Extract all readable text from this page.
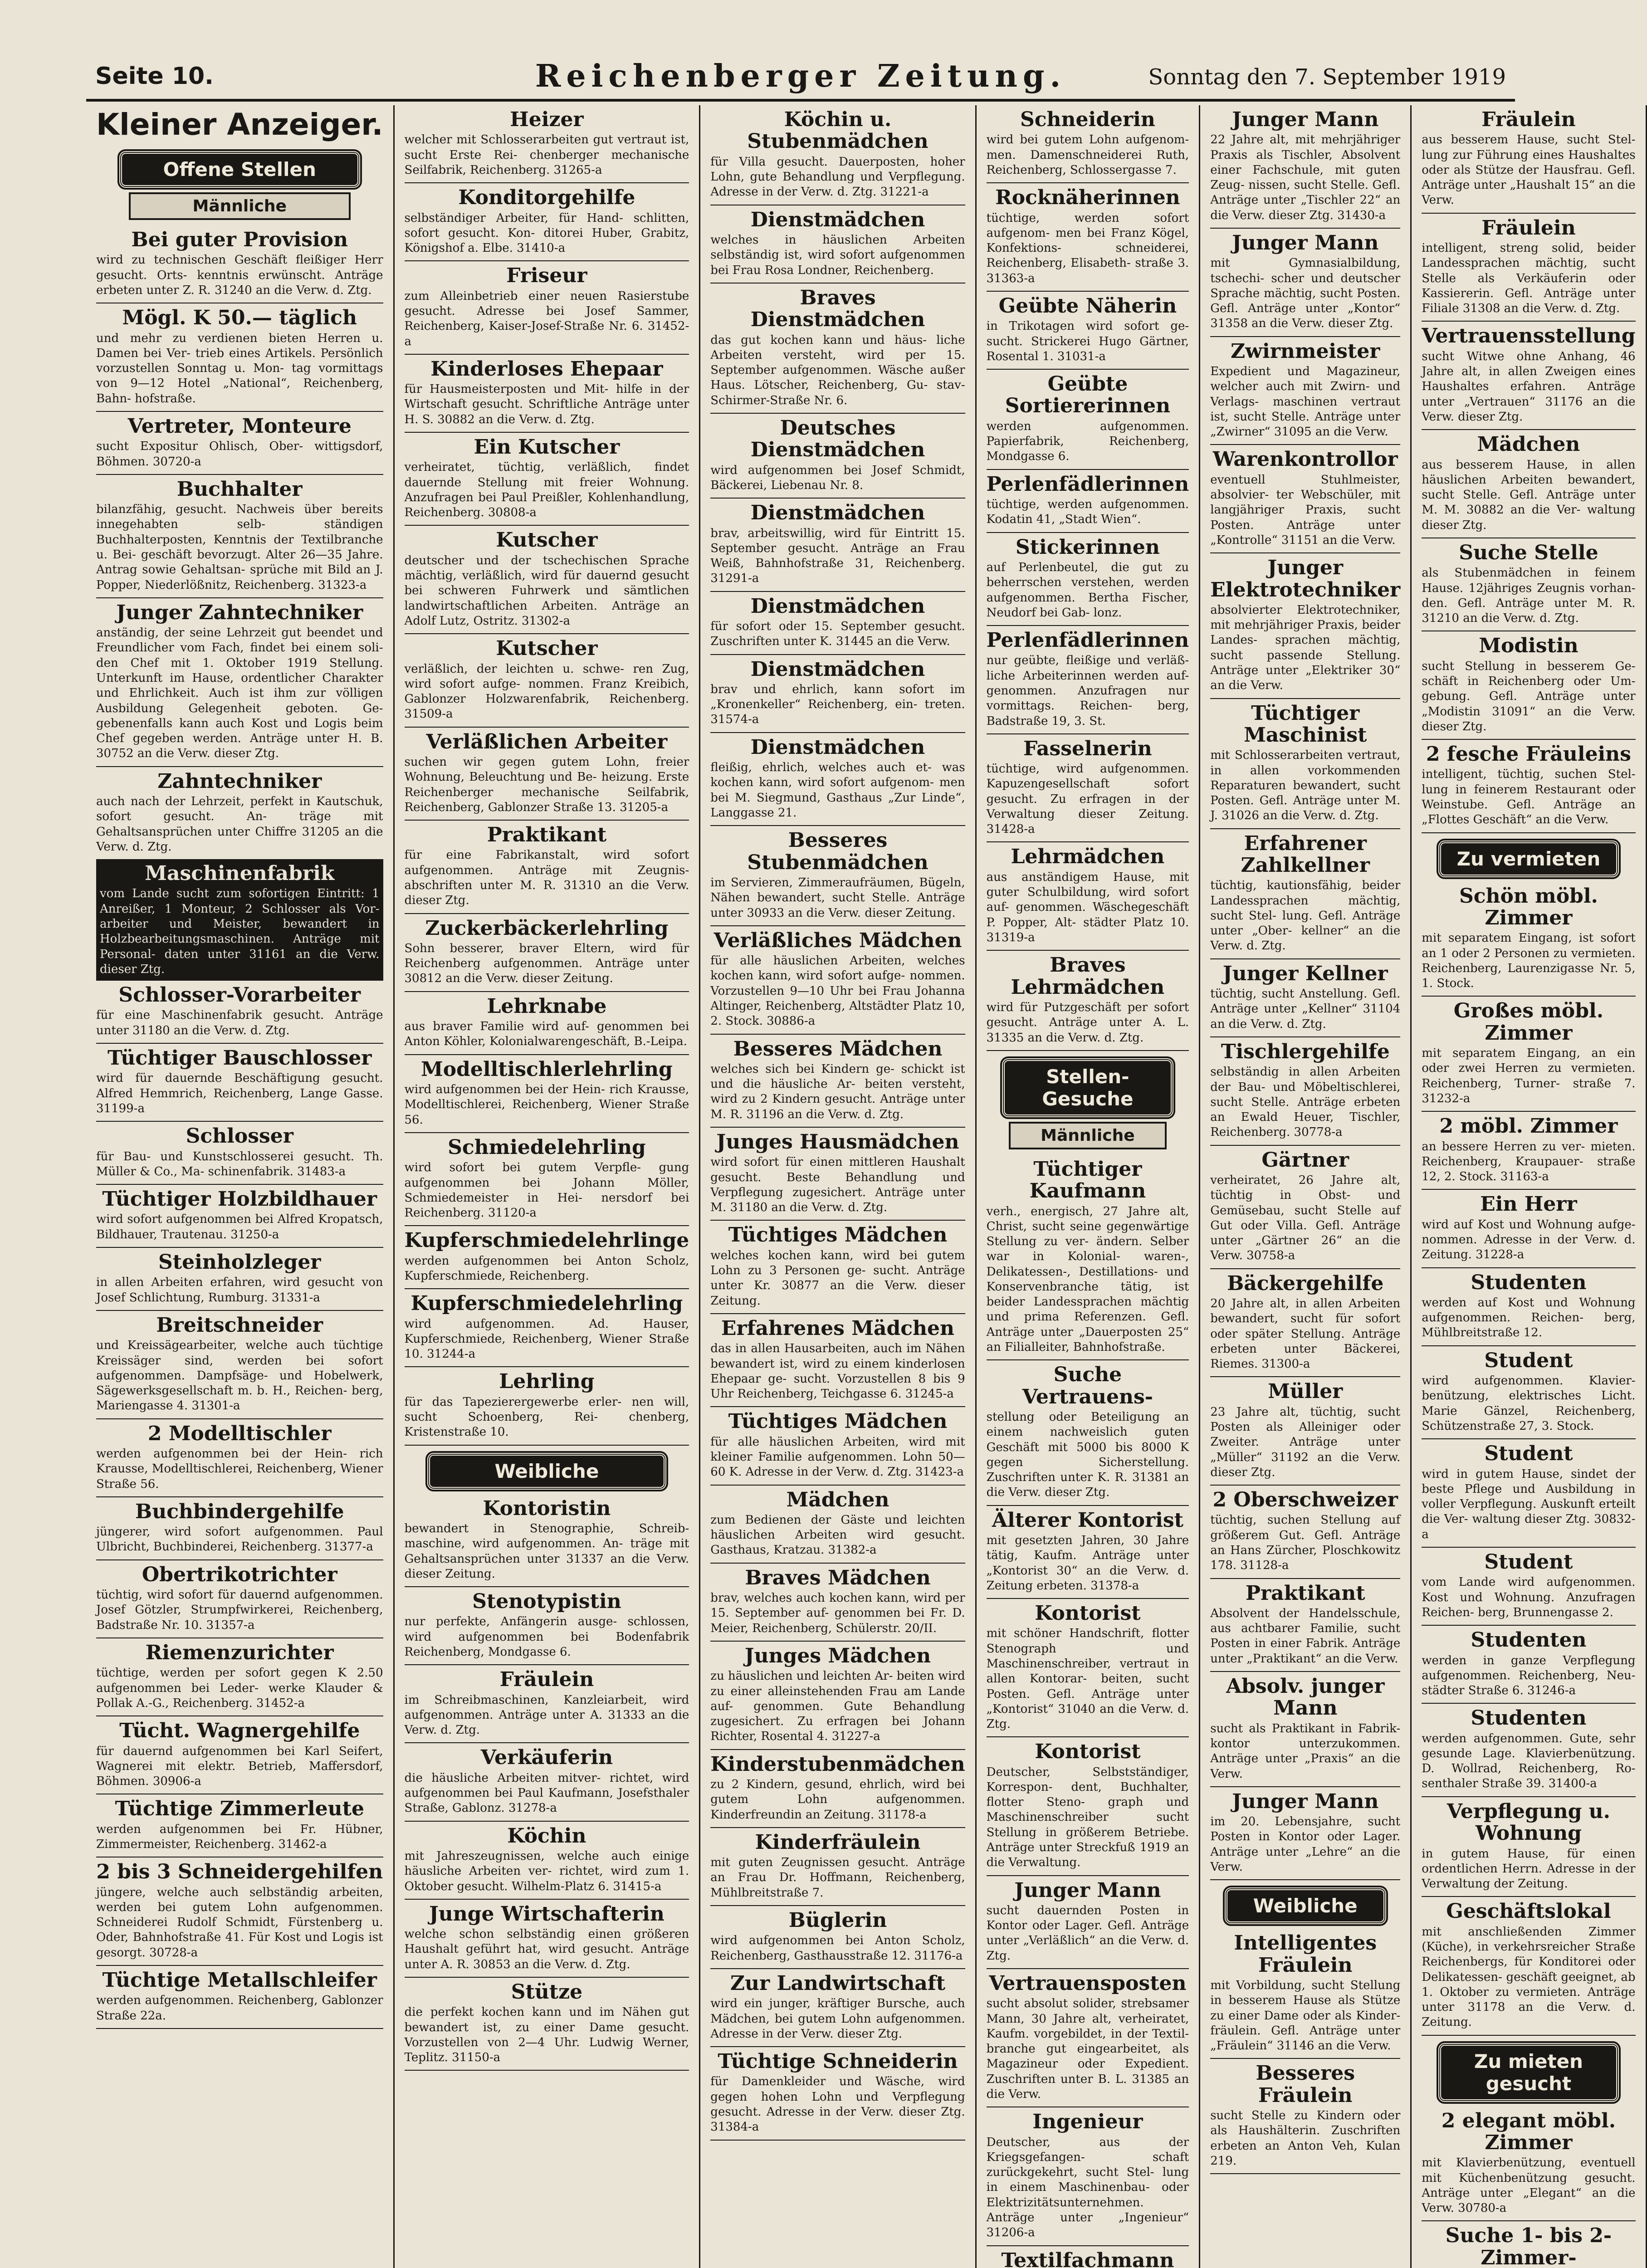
Seite 10.	Reichenberger Zeitung.	Sonntag den 7. September 1919
Kleiner Anzeiger.
Offene Stellen
Männliche
Bei guter Provision

wird zu technischen Geschäft fleißiger Herr gesucht. Orts- kenntnis erwünscht. Anträge erbeten unter Z. R. 31240 an die Verw. d. Ztg.

Mögl. K 50.— täglich

und mehr zu verdienen bieten Herren u. Damen bei Ver- trieb eines Artikels. Persönlich vorzustellen Sonntag u. Mon- tag vormittags von 9—12 Hotel „National“, Reichenberg, Bahn- hofstraße.

Vertreter, Monteure

sucht Expositur Ohlisch, Ober- wittigsdorf, Böhmen. 30720-a

Buchhalter

bilanzfähig, gesucht. Nachweis über bereits innegehabten selb- ständigen Buchhalterposten, Kenntnis der Textilbranche u. Bei- geschäft bevorzugt. Alter 26—35 Jahre. Antrag sowie Gehaltsan- sprüche mit Bild an J. Popper, Niederlößnitz, Reichenberg. 31323-a

Junger Zahntechniker

anständig, der seine Lehrzeit gut beendet und Freundlicher vom Fach, findet bei einem soli- den Chef mit 1. Oktober 1919 Stellung. Unterkunft im Hause, ordentlicher Charakter und Ehrlichkeit. Auch ist ihm zur völligen Ausbildung Gelegenheit geboten. Ge- gebenenfalls kann auch Kost und Logis beim Chef gegeben werden. Anträge unter H. B. 30752 an die Verw. dieser Ztg.

Zahntechniker

auch nach der Lehrzeit, perfekt in Kautschuk, sofort gesucht. An- träge mit Gehaltsansprüchen unter Chiffre 31205 an die Verw. d. Ztg.

Maschinenfabrik

vom Lande sucht zum sofortigen Eintritt: 1 Anreißer, 1 Monteur, 2 Schlosser als Vor- arbeiter und Meister, bewandert in Holzbearbeitungsmaschinen. Anträge mit Personal- daten unter 31161 an die Verw. dieser Ztg.

Schlosser-Vorarbeiter

für eine Maschinenfabrik gesucht. Anträge unter 31180 an die Verw. d. Ztg.

Tüchtiger Bauschlosser

wird für dauernde Beschäftigung gesucht. Alfred Hemmrich, Reichenberg, Lange Gasse. 31199-a

Schlosser

für Bau- und Kunstschlosserei gesucht. Th. Müller & Co., Ma- schinenfabrik. 31483-a

Tüchtiger Holzbildhauer

wird sofort aufgenommen bei Alfred Kropatsch, Bildhauer, Trautenau. 31250-a

Steinholzleger

in allen Arbeiten erfahren, wird gesucht von Josef Schlichtung, Rumburg. 31331-a

Breitschneider

und Kreissägearbeiter, welche auch tüchtige Kreissäger sind, werden bei sofort aufgenommen. Dampfsäge- und Hobelwerk, Sägewerksgesellschaft m. b. H., Reichen- berg, Mariengasse 4. 31301-a

2 Modelltischler

werden aufgenommen bei der Hein- rich Krausse, Modelltischlerei, Reichenberg, Wiener Straße 56.

Buchbindergehilfe

jüngerer, wird sofort aufgenommen. Paul Ulbricht, Buchbinderei, Reichenberg. 31377-a

Obertrikotrichter

tüchtig, wird sofort für dauernd aufgenommen. Josef Götzler, Strumpfwirkerei, Reichenberg, Badstraße Nr. 10. 31357-a

Riemenzurichter

tüchtige, werden per sofort gegen K 2.50 aufgenommen bei Leder- werke Klauder & Pollak A.-G., Reichenberg. 31452-a

Tücht. Wagnergehilfe

für dauernd aufgenommen bei Karl Seifert, Wagnerei mit elektr. Betrieb, Maffersdorf, Böhmen. 30906-a

Tüchtige Zimmerleute

werden aufgenommen bei Fr. Hübner, Zimmermeister, Reichenberg. 31462-a

2 bis 3 Schneidergehilfen

jüngere, welche auch selbständig arbeiten, werden bei gutem Lohn aufgenommen. Schneiderei Rudolf Schmidt, Fürstenberg u. Oder, Bahnhofstraße 41. Für Kost und Logis ist gesorgt. 30728-a

Tüchtige Metallschleifer

werden aufgenommen. Reichenberg, Gablonzer Straße 22a.

Heizer

welcher mit Schlosserarbeiten gut vertraut ist, sucht Erste Rei- chenberger mechanische Seilfabrik, Reichenberg. 31265-a

Konditorgehilfe

selbständiger Arbeiter, für Hand- schlitten, sofort gesucht. Kon- ditorei Huber, Grabitz, Königshof a. Elbe. 31410-a

Friseur

zum Alleinbetrieb einer neuen Rasierstube gesucht. Adresse bei Josef Sammer, Reichenberg, Kaiser-Josef-Straße Nr. 6. 31452-a

Kinderloses Ehepaar

für Hausmeisterposten und Mit- hilfe in der Wirtschaft gesucht. Schriftliche Anträge unter H. S. 30882 an die Verw. d. Ztg.

Ein Kutscher

verheiratet, tüchtig, verläßlich, findet dauernde Stellung mit freier Wohnung. Anzufragen bei Paul Preißler, Kohlenhandlung, Reichenberg. 30808-a

Kutscher

deutscher und der tschechischen Sprache mächtig, verläßlich, wird für dauernd gesucht bei schweren Fuhrwerk und sämtlichen landwirtschaftlichen Arbeiten. Anträge an Adolf Lutz, Ostritz. 31302-a

Kutscher

verläßlich, der leichten u. schwe- ren Zug, wird sofort aufge- nommen. Franz Kreibich, Gablonzer Holzwarenfabrik, Reichenberg. 31509-a

Verläßlichen Arbeiter

suchen wir gegen gutem Lohn, freier Wohnung, Beleuchtung und Be- heizung. Erste Reichenberger mechanische Seilfabrik, Reichenberg, Gablonzer Straße 13. 31205-a

Praktikant

für eine Fabrikanstalt, wird sofort aufgenommen. Anträge mit Zeugnis- abschriften unter M. R. 31310 an die Verw. dieser Ztg.

Zuckerbäckerlehrling

Sohn besserer, braver Eltern, wird für Reichenberg aufgenommen. Anträge unter 30812 an die Verw. dieser Zeitung.

Lehrknabe

aus braver Familie wird auf- genommen bei Anton Köhler, Kolonialwarengeschäft, B.-Leipa.

Modelltischlerlehrling

wird aufgenommen bei der Hein- rich Krausse, Modelltischlerei, Reichenberg, Wiener Straße 56.

Schmiedelehrling

wird sofort bei gutem Verpfle- gung aufgenommen bei Johann Möller, Schmiedemeister in Hei- nersdorf bei Reichenberg. 31120-a

Kupferschmiedelehrlinge

werden aufgenommen bei Anton Scholz, Kupferschmiede, Reichenberg.

Kupferschmiedelehrling

wird aufgenommen. Ad. Hauser, Kupferschmiede, Reichenberg, Wiener Straße 10. 31244-a

Lehrling

für das Tapezierergewerbe erler- nen will, sucht Schoenberg, Rei- chenberg, Kristenstraße 10.

Weibliche
Kontoristin

bewandert in Stenographie, Schreib- maschine, wird aufgenommen. An- träge mit Gehaltsansprüchen unter 31337 an die Verw. dieser Zeitung.

Stenotypistin

nur perfekte, Anfängerin ausge- schlossen, wird aufgenommen bei Bodenfabrik Reichenberg, Mondgasse 6.

Fräulein

im Schreibmaschinen, Kanzleiarbeit, wird aufgenommen. Anträge unter A. 31333 an die Verw. d. Ztg.

Verkäuferin

die häusliche Arbeiten mitver- richtet, wird aufgenommen bei Paul Kaufmann, Josefsthaler Straße, Gablonz. 31278-a

Köchin

mit Jahreszeugnissen, welche auch einige häusliche Arbeiten ver- richtet, wird zum 1. Oktober gesucht. Wilhelm-Platz 6. 31415-a

Junge Wirtschafterin

welche schon selbständig einen größeren Haushalt geführt hat, wird gesucht. Anträge unter A. R. 30853 an die Verw. d. Ztg.

Stütze

die perfekt kochen kann und im Nähen gut bewandert ist, zu einer Dame gesucht. Vorzustellen von 2—4 Uhr. Ludwig Werner, Teplitz. 31150-a

Köchin u. Stubenmädchen

für Villa gesucht. Dauerposten, hoher Lohn, gute Behandlung und Verpflegung. Adresse in der Verw. d. Ztg. 31221-a

Dienstmädchen

welches in häuslichen Arbeiten selbständig ist, wird sofort aufgenommen bei Frau Rosa Londner, Reichenberg.

Braves Dienstmädchen

das gut kochen kann und häus- liche Arbeiten versteht, wird per 15. September aufgenommen. Wäsche außer Haus. Lötscher, Reichenberg, Gu- stav-Schirmer-Straße Nr. 6.

Deutsches Dienstmädchen

wird aufgenommen bei Josef Schmidt, Bäckerei, Liebenau Nr. 8.

Dienstmädchen

brav, arbeitswillig, wird für Eintritt 15. September gesucht. Anträge an Frau Weiß, Bahnhofstraße 31, Reichenberg. 31291-a

Dienstmädchen

für sofort oder 15. September gesucht. Zuschriften unter K. 31445 an die Verw.

Dienstmädchen

brav und ehrlich, kann sofort im „Kronenkeller“ Reichenberg, ein- treten. 31574-a

Dienstmädchen

fleißig, ehrlich, welches auch et- was kochen kann, wird sofort aufgenom- men bei M. Siegmund, Gasthaus „Zur Linde“, Langgasse 21.

Besseres Stubenmädchen

im Servieren, Zimmeraufräumen, Bügeln, Nähen bewandert, sucht Stelle. Anträge unter 30933 an die Verw. dieser Zeitung.

Verläßliches Mädchen

für alle häuslichen Arbeiten, welches kochen kann, wird sofort aufge- nommen. Vorzustellen 9—10 Uhr bei Frau Johanna Altinger, Reichenberg, Altstädter Platz 10, 2. Stock. 30886-a

Besseres Mädchen

welches sich bei Kindern ge- schickt ist und die häusliche Ar- beiten versteht, wird zu 2 Kindern gesucht. Anträge unter M. R. 31196 an die Verw. d. Ztg.

Junges Hausmädchen

wird sofort für einen mittleren Haushalt gesucht. Beste Behandlung und Verpflegung zugesichert. Anträge unter M. 31180 an die Verw. d. Ztg.

Tüchtiges Mädchen

welches kochen kann, wird bei gutem Lohn zu 3 Personen ge- sucht. Anträge unter Kr. 30877 an die Verw. dieser Zeitung.

Erfahrenes Mädchen

das in allen Hausarbeiten, auch im Nähen bewandert ist, wird zu einem kinderlosen Ehepaar ge- sucht. Vorzustellen 8 bis 9 Uhr Reichenberg, Teichgasse 6. 31245-a

Tüchtiges Mädchen

für alle häuslichen Arbeiten, wird mit kleiner Familie aufgenommen. Lohn 50—60 K. Adresse in der Verw. d. Ztg. 31423-a

Mädchen

zum Bedienen der Gäste und leichten häuslichen Arbeiten wird gesucht. Gasthaus, Kratzau. 31382-a

Braves Mädchen

brav, welches auch kochen kann, wird per 15. September auf- genommen bei Fr. D. Meier, Reichenberg, Schülerstr. 20/II.

Junges Mädchen

zu häuslichen und leichten Ar- beiten wird zu einer alleinstehenden Frau am Lande auf- genommen. Gute Behandlung zugesichert. Zu erfragen bei Johann Richter, Rosental 4. 31227-a

Kinderstubenmädchen

zu 2 Kindern, gesund, ehrlich, wird bei gutem Lohn aufgenommen. Kinderfreundin an Zeitung. 31178-a

Kinderfräulein

mit guten Zeugnissen gesucht. Anträge an Frau Dr. Hoffmann, Reichenberg, Mühlbreitstraße 7.

Büglerin

wird aufgenommen bei Anton Scholz, Reichenberg, Gasthausstraße 12. 31176-a

Zur Landwirtschaft

wird ein junger, kräftiger Bursche, auch Mädchen, bei gutem Lohn aufgenommen. Adresse in der Verw. dieser Ztg.

Tüchtige Schneiderin

für Damenkleider und Wäsche, wird gegen hohen Lohn und Verpflegung gesucht. Adresse in der Verw. dieser Ztg. 31384-a

Schneiderin

wird bei gutem Lohn aufgenom- men. Damenschneiderei Ruth, Reichenberg, Schlossergasse 7.

Rocknäherinnen

tüchtige, werden sofort aufgenom- men bei Franz Kögel, Konfektions- schneiderei, Reichenberg, Elisabeth- straße 3. 31363-a

Geübte Näherin

in Trikotagen wird sofort ge- sucht. Strickerei Hugo Gärtner, Rosental 1. 31031-a

Geübte Sortiererinnen

werden aufgenommen. Papierfabrik, Reichenberg, Mondgasse 6.

Perlenfädlerinnen

tüchtige, werden aufgenommen. Kodatin 41, „Stadt Wien“.

Stickerinnen

auf Perlenbeutel, die gut zu beherrschen verstehen, werden aufgenommen. Bertha Fischer, Neudorf bei Gab- lonz.

Perlenfädlerinnen

nur geübte, fleißige und verläß- liche Arbeiterinnen werden auf- genommen. Anzufragen nur vormittags. Reichen- berg, Badstraße 19, 3. St.

Fasselnerin

tüchtige, wird aufgenommen. Kapuzengesellschaft sofort gesucht. Zu erfragen in der Verwaltung dieser Zeitung. 31428-a

Lehrmädchen

aus anständigem Hause, mit guter Schulbildung, wird sofort auf- genommen. Wäschegeschäft P. Popper, Alt- städter Platz 10. 31319-a

Braves Lehrmädchen

wird für Putzgeschäft per sofort gesucht. Anträge unter A. L. 31335 an die Verw. d. Ztg.

Stellen-Gesuche
Männliche
Tüchtiger Kaufmann

verh., energisch, 27 Jahre alt, Christ, sucht seine gegenwärtige Stellung zu ver- ändern. Selber war in Kolonial- waren-, Delikatessen-, Destillations- und Konservenbranche tätig, ist beider Landessprachen mächtig und prima Referenzen. Gefl. Anträge unter „Dauerposten 25“ an Filialleiter, Bahnhofstraße.

Suche Vertrauens-

stellung oder Beteiligung an einem nachweislich guten Geschäft mit 5000 bis 8000 K gegen Sicherstellung. Zuschriften unter K. R. 31381 an die Verw. dieser Ztg.

Älterer Kontorist

mit gesetzten Jahren, 30 Jahre tätig, Kaufm. Anträge unter „Kontorist 30“ an die Verw. d. Zeitung erbeten. 31378-a

Kontorist

mit schöner Handschrift, flotter Stenograph und Maschinenschreiber, vertraut in allen Kontorar- beiten, sucht Posten. Gefl. Anträge unter „Kontorist“ 31040 an die Verw. d. Ztg.

Kontorist

Deutscher, Selbstständiger, Korrespon- dent, Buchhalter, flotter Steno- graph und Maschinenschreiber sucht Stellung in größerem Betriebe. Anträge unter Streckfuß 1919 an die Verwaltung.

Junger Mann

sucht dauernden Posten in Kontor oder Lager. Gefl. Anträge unter „Verläßlich“ an die Verw. d. Ztg.

Vertrauensposten

sucht absolut solider, strebsamer Mann, 30 Jahre alt, verheiratet, Kaufm. vorgebildet, in der Textil- branche gut eingearbeitet, als Magazineur oder Expedient. Zuschriften unter B. L. 31385 an die Verw.

Ingenieur

Deutscher, aus der Kriegsgefangen- schaft zurückgekehrt, sucht Stel- lung in einem Maschinenbau- oder Elektrizitätsunternehmen. Anträge unter „Ingenieur“ 31206-a

Textilfachmann

Junger Mann

22 Jahre alt, mit mehrjähriger Praxis als Tischler, Absolvent einer Fachschule, mit guten Zeug- nissen, sucht Stelle. Gefl. Anträge unter „Tischler 22“ an die Verw. dieser Ztg. 31430-a

Junger Mann

mit Gymnasialbildung, tschechi- scher und deutscher Sprache mächtig, sucht Posten. Gefl. Anträge unter „Kontor“ 31358 an die Verw. dieser Ztg.

Zwirnmeister

Expedient und Magazineur, welcher auch mit Zwirn- und Verlags- maschinen vertraut ist, sucht Stelle. Anträge unter „Zwirner“ 31095 an die Verw.

Warenkontrollor

eventuell Stuhlmeister, absolvier- ter Webschüler, mit langjähriger Praxis, sucht Posten. Anträge unter „Kontrolle“ 31151 an die Verw.

Junger Elektrotechniker

absolvierter Elektrotechniker, mit mehrjähriger Praxis, beider Landes- sprachen mächtig, sucht passende Stellung. Anträge unter „Elektriker 30“ an die Verw.

Tüchtiger Maschinist

mit Schlosserarbeiten vertraut, in allen vorkommenden Reparaturen bewandert, sucht Posten. Gefl. Anträge unter M. J. 31026 an die Verw. d. Ztg.

Erfahrener Zahlkellner

tüchtig, kautionsfähig, beider Landessprachen mächtig, sucht Stel- lung. Gefl. Anträge unter „Ober- kellner“ an die Verw. d. Ztg.

Junger Kellner

tüchtig, sucht Anstellung. Gefl. Anträge unter „Kellner“ 31104 an die Verw. d. Ztg.

Tischlergehilfe

selbständig in allen Arbeiten der Bau- und Möbeltischlerei, sucht Stelle. Anträge erbeten an Ewald Heuer, Tischler, Reichenberg. 30778-a

Gärtner

verheiratet, 26 Jahre alt, tüchtig in Obst- und Gemüsebau, sucht Stelle auf Gut oder Villa. Gefl. Anträge unter „Gärtner 26“ an die Verw. 30758-a

Bäckergehilfe

20 Jahre alt, in allen Arbeiten bewandert, sucht für sofort oder später Stellung. Anträge erbeten unter Bäckerei, Riemes. 31300-a

Müller

23 Jahre alt, tüchtig, sucht Posten als Alleiniger oder Zweiter. Anträge unter „Müller“ 31192 an die Verw. dieser Ztg.

2 Oberschweizer

tüchtig, suchen Stellung auf größerem Gut. Gefl. Anträge an Hans Zürcher, Ploschkowitz 178. 31128-a

Praktikant

Absolvent der Handelsschule, aus achtbarer Familie, sucht Posten in einer Fabrik. Anträge unter „Praktikant“ an die Verw.

Absolv. junger Mann

sucht als Praktikant in Fabrik- kontor unterzukommen. Anträge unter „Praxis“ an die Verw.

Junger Mann

im 20. Lebensjahre, sucht Posten in Kontor oder Lager. Anträge unter „Lehre“ an die Verw.

Weibliche
Intelligentes Fräulein

mit Vorbildung, sucht Stellung in besserem Hause als Stütze zu einer Dame oder als Kinder- fräulein. Gefl. Anträge unter „Fräulein“ 31146 an die Verw.

Besseres Fräulein

sucht Stelle zu Kindern oder als Haushälterin. Zuschriften erbeten an Anton Veh, Kulan 219.

Fräulein

aus besserem Hause, sucht Stel- lung zur Führung eines Haushaltes oder als Stütze der Hausfrau. Gefl. Anträge unter „Haushalt 15“ an die Verw.

Fräulein

intelligent, streng solid, beider Landessprachen mächtig, sucht Stelle als Verkäuferin oder Kassiererin. Gefl. Anträge unter Filiale 31308 an die Verw. d. Ztg.

Vertrauensstellung

sucht Witwe ohne Anhang, 46 Jahre alt, in allen Zweigen eines Haushaltes erfahren. Anträge unter „Vertrauen“ 31176 an die Verw. dieser Ztg.

Mädchen

aus besserem Hause, in allen häuslichen Arbeiten bewandert, sucht Stelle. Gefl. Anträge unter M. M. 30882 an die Ver- waltung dieser Ztg.

Suche Stelle

als Stubenmädchen in feinem Hause. 12jähriges Zeugnis vorhan- den. Gefl. Anträge unter M. R. 31210 an die Verw. d. Ztg.

Modistin

sucht Stellung in besserem Ge- schäft in Reichenberg oder Um- gebung. Gefl. Anträge unter „Modistin 31091“ an die Verw. dieser Ztg.

2 fesche Fräuleins

intelligent, tüchtig, suchen Stel- lung in feinerem Restaurant oder Weinstube. Gefl. Anträge an „Flottes Geschäft“ an die Verw.

Zu vermieten
Schön möbl. Zimmer

mit separatem Eingang, ist sofort an 1 oder 2 Personen zu vermieten. Reichenberg, Laurenzigasse Nr. 5, 1. Stock.

Großes möbl. Zimmer

mit separatem Eingang, an ein oder zwei Herren zu vermieten. Reichenberg, Turner- straße 7. 31232-a

2 möbl. Zimmer

an bessere Herren zu ver- mieten. Reichenberg, Kraupauer- straße 12, 2. Stock. 31163-a

Ein Herr

wird auf Kost und Wohnung aufge- nommen. Adresse in der Verw. d. Zeitung. 31228-a

Studenten

werden auf Kost und Wohnung aufgenommen. Reichen- berg, Mühlbreitstraße 12.

Student

wird aufgenommen. Klavier- benützung, elektrisches Licht. Marie Gänzel, Reichenberg, Schützenstraße 27, 3. Stock.

Student

wird in gutem Hause, sindet der beste Pflege und Ausbildung in voller Verpflegung. Auskunft erteilt die Ver- waltung dieser Ztg. 30832-a

Student

vom Lande wird aufgenommen. Kost und Wohnung. Anzufragen Reichen- berg, Brunnengasse 2.

Studenten

werden in ganze Verpflegung aufgenommen. Reichenberg, Neu- städter Straße 6. 31246-a

Studenten

werden aufgenommen. Gute, sehr gesunde Lage. Klavierbenützung. D. Wollrad, Reichenberg, Ro- senthaler Straße 39. 31400-a

Verpflegung u. Wohnung

in gutem Hause, für einen ordentlichen Herrn. Adresse in der Verwaltung der Zeitung.

Geschäftslokal

mit anschließenden Zimmer (Küche), in verkehrsreicher Straße Reichenbergs, für Konditorei oder Delikatessen- geschäft geeignet, ab 1. Oktober zu vermieten. Anträge unter 31178 an die Verw. d. Zeitung.

Zu mieten gesucht
2 elegant möbl. Zimmer

mit Klavierbenützung, eventuell mit Küchenbenützung gesucht. Anträge unter „Elegant“ an die Verw. 30780-a

Suche 1- bis 2-Zimmer-
